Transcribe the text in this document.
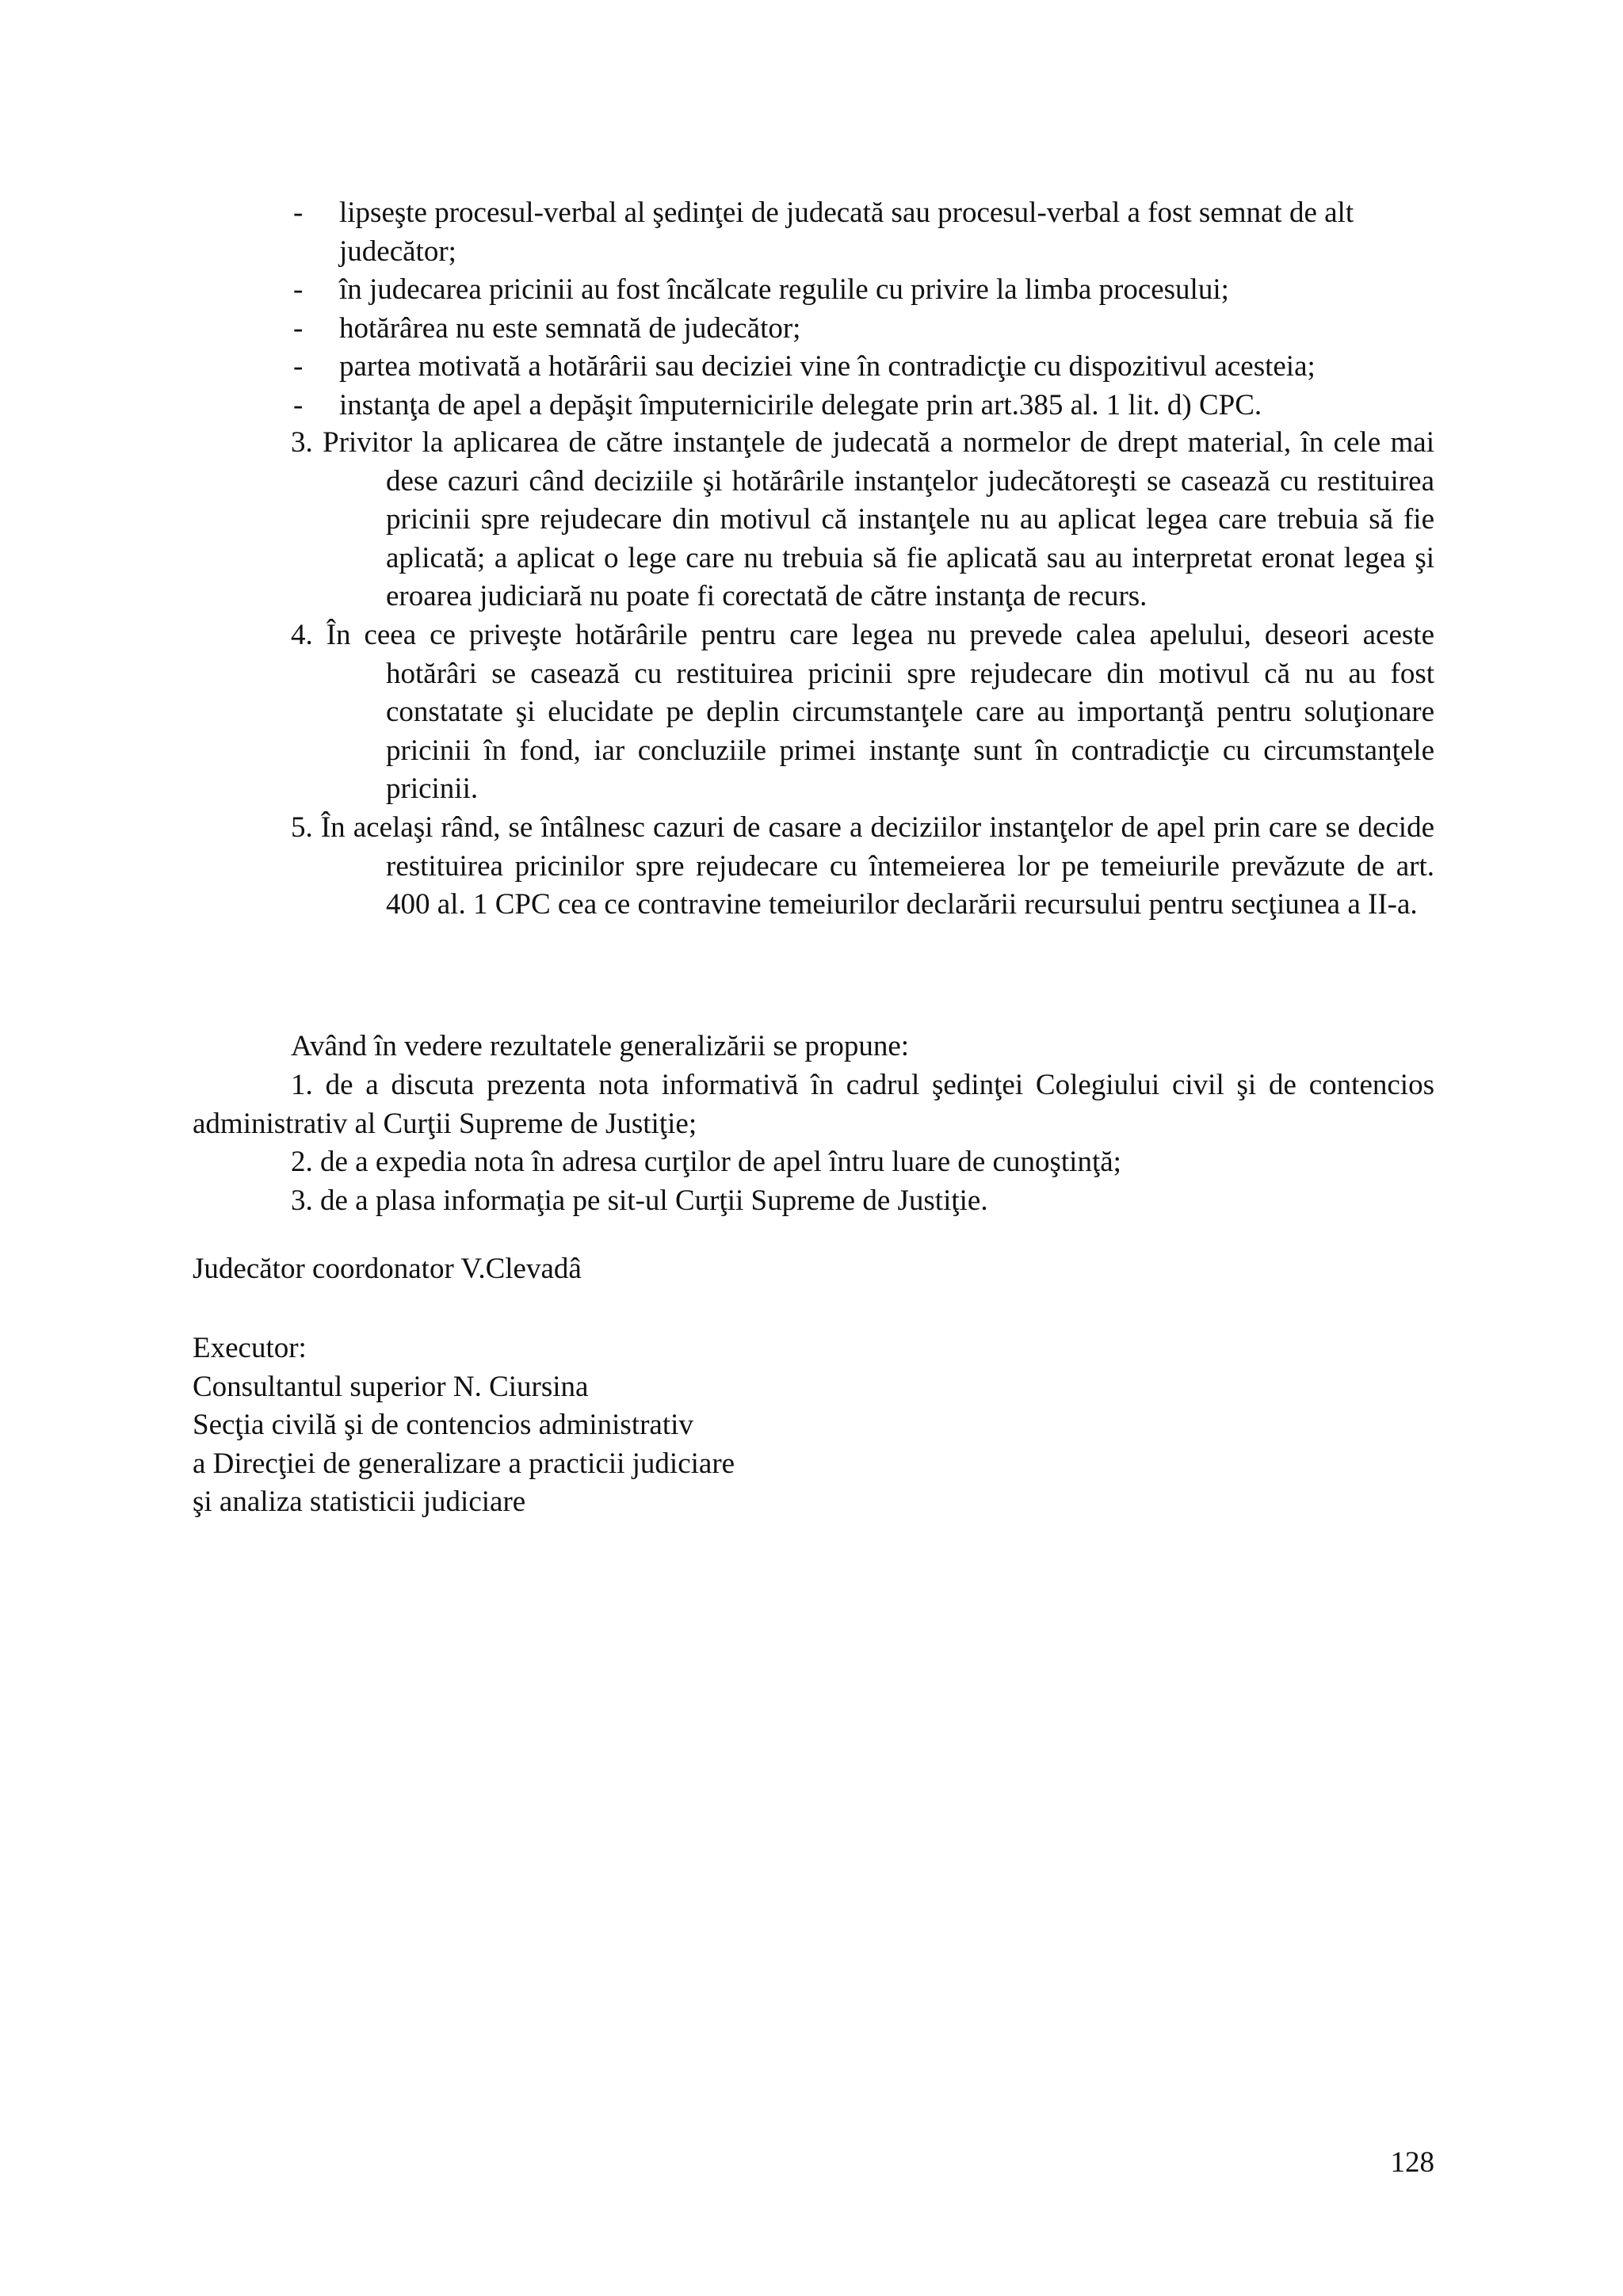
- lipseşte procesul-verbal al şedinţei de judecată sau procesul-verbal a fost semnat de alt judecător;
- în judecarea pricinii au fost încălcate regulile cu privire la limba procesului;
- hotărârea nu este semnată de judecător;
- partea motivată a hotărârii sau deciziei vine în contradicţie cu dispozitivul acesteia;
- instanţa de apel a depăşit împuternicirile delegate prin art.385 al. 1 lit. d) CPC.
3. Privitor la aplicarea de către instanţele de judecată a normelor de drept material, în cele mai dese cazuri când deciziile şi hotărârile instanţelor judecătoreşti se casează cu restituirea pricinii spre rejudecare din motivul că instanţele nu au aplicat legea care trebuia să fie aplicată; a aplicat o lege care nu trebuia să fie aplicată sau au interpretat eronat legea şi eroarea judiciară nu poate fi corectată de către instanţa de recurs.
4. În ceea ce priveşte hotărârile pentru care legea nu prevede calea apelului, deseori aceste hotărâri se casează cu restituirea pricinii spre rejudecare din motivul că nu au fost constatate şi elucidate pe deplin circumstanţele care au importanţă pentru soluţionare pricinii în fond, iar concluziile primei instanţe sunt în contradicţie cu circumstanţele pricinii.
5. În acelaşi rând, se întâlnesc cazuri de casare a deciziilor instanţelor de apel prin care se decide restituirea pricinilor spre rejudecare cu întemeierea lor pe temeiurile prevăzute de art. 400 al. 1 CPC cea ce contravine temeiurilor declarării recursului pentru secţiunea a II-a.

Având în vedere rezultatele generalizării se propune:

1. de a discuta prezenta nota informativă în cadrul şedinţei Colegiului civil şi de contencios administrativ al Curţii Supreme de Justiţie;

2. de a expedia nota în adresa curţilor de apel întru luare de cunoştinţă;

3. de a plasa informaţia pe sit-ul Curţii Supreme de Justiţie.

Judecător coordonator V.Clevadâ

Executor:
Consultantul superior N. Ciursina
Secţia civilă şi de contencios administrativ
a Direcţiei de generalizare a practicii judiciare
şi analiza statisticii judiciare

128
